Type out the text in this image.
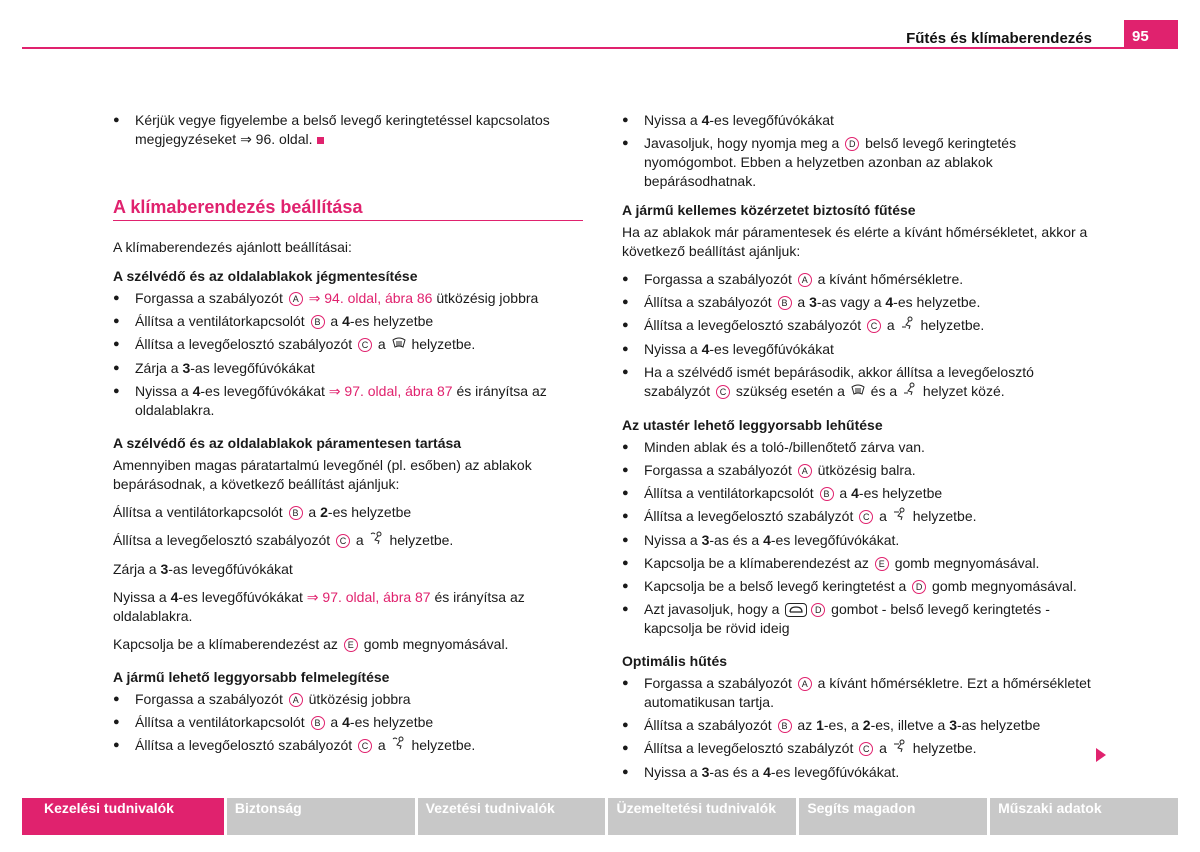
Fűtés és klímaberendezés	95
● Kérjük vegye figyelembe a belső levegő keringtetéssel kapcsolatos megjegyzéseket ⇒ 96. oldal.
A klímaberendezés beállítása
A klímaberendezés ajánlott beállításai:
A szélvédő és az oldalablakok jégmentesítése
● Forgassa a szabályozót A ⇒ 94. oldal, ábra 86 ütközésig jobbra
● Állítsa a ventilátorkapcsolót B a 4-es helyzetbe
● Állítsa a levegőelosztó szabályozót C a  helyzetbe.
● Zárja a 3-as levegőfúvókákat
● Nyissa a 4-es levegőfúvókákat ⇒ 97. oldal, ábra 87 és irányítsa az oldalablakra.
A szélvédő és az oldalablakok páramentesen tartása
Amennyiben magas páratartalmú levegőnél (pl. esőben) az ablakok bepárásodnak, a következő beállítást ajánljuk:
Állítsa a ventilátorkapcsolót B a 2-es helyzetbe
Állítsa a levegőelosztó szabályozót C a  helyzetbe.
Zárja a 3-as levegőfúvókákat
Nyissa a 4-es levegőfúvókákat ⇒ 97. oldal, ábra 87 és irányítsa az oldalablakra.
Kapcsolja be a klímaberendezést az E gomb megnyomásával.
A jármű lehető leggyorsabb felmelegítése
● Forgassa a szabályozót A ütközésig jobbra
● Állítsa a ventilátorkapcsolót B a 4-es helyzetbe
● Állítsa a levegőelosztó szabályozót C a  helyzetbe.
● Nyissa a 4-es levegőfúvókákat
● Javasoljuk, hogy nyomja meg a D belső levegő keringtetés nyomógombot. Ebben a helyzetben azonban az ablakok bepárásodhatnak.
A jármű kellemes közérzetet biztosító fűtése
Ha az ablakok már páramentesek és elérte a kívánt hőmérsékletet, akkor a következő beállítást ajánljuk:
● Forgassa a szabályozót A a kívánt hőmérsékletre.
● Állítsa a szabályozót B a 3-as vagy a 4-es helyzetbe.
● Állítsa a levegőelosztó szabályozót C a  helyzetbe.
● Nyissa a 4-es levegőfúvókákat
● Ha a szélvédő ismét bepárásodik, akkor állítsa a levegőelosztó szabályzót C szükség esetén a  és a  helyzet közé.
Az utastér lehető leggyorsabb lehűtése
● Minden ablak és a toló-/billenőtető zárva van.
● Forgassa a szabályozót A ütközésig balra.
● Állítsa a ventilátorkapcsolót B a 4-es helyzetbe
● Állítsa a levegőelosztó szabályzót C a  helyzetbe.
● Nyissa a 3-as és a 4-es levegőfúvókákat.
● Kapcsolja be a klímaberendezést az E gomb megnyomásával.
● Kapcsolja be a belső levegő keringtetést a D gomb megnyomásával.
● Azt javasoljuk, hogy a	D gombot - belső levegő keringtetés - kapcsolja be rövid ideig
Optimális hűtés
● Forgassa a szabályozót A a kívánt hőmérsékletre. Ezt a hőmérsékletet automatikusan tartja.
● Állítsa a szabályozót B az 1-es, a 2-es, illetve a 3-as helyzetbe
● Állítsa a levegőelosztó szabályzót C a  helyzetbe.
● Nyissa a 3-as és a 4-es levegőfúvókákat.
Kezelési tudnivalók	Biztonság	Vezetési tudnivalók	Üzemeltetési tudnivalók	Segíts magadon	Műszaki adatok
